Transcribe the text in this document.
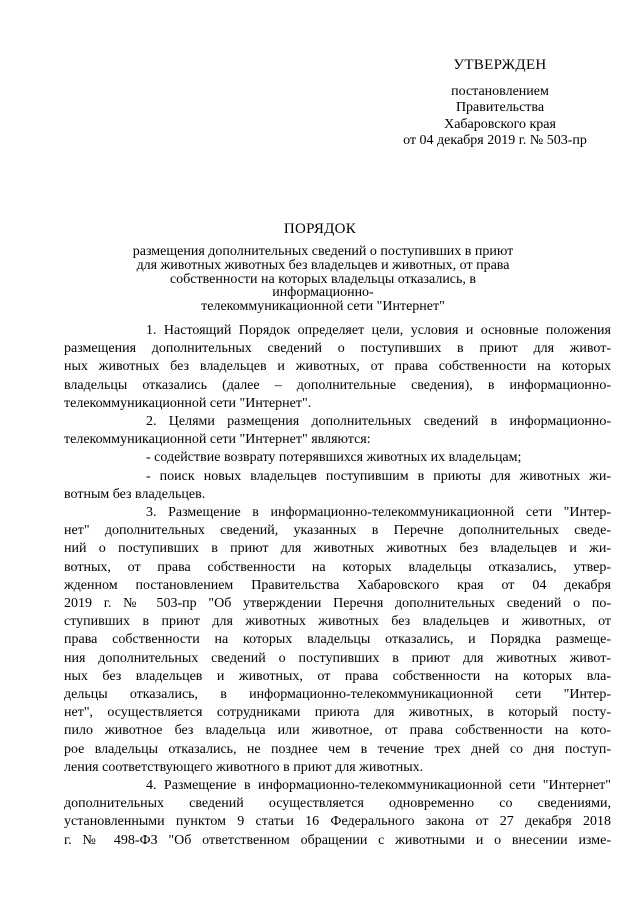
УТВЕРЖДЕН
постановлением
Правительства
Хабаровского края
от 04 декабря 2019 г. № 503-пр
ПОРЯДОК
размещения дополнительных сведений о поступивших в приют
для животных животных без владельцев и животных, от права
собственности на которых владельцы отказались, в информационно-
телекоммуникационной сети "Интернет"
1. Настоящий Порядок определяет цели, условия и основные положения
размещения дополнительных сведений о поступивших в приют для живот-
ных животных без владельцев и животных, от права собственности на которых
владельцы отказались (далее – дополнительные сведения), в информационно-
телекоммуникационной сети "Интернет".
2. Целями размещения дополнительных сведений в информационно-
телекоммуникационной сети "Интернет" являются:
- содействие возврату потерявшихся животных их владельцам;
- поиск новых владельцев поступившим в приюты для животных жи-
вотным без владельцев.
3. Размещение в информационно-телекоммуникационной сети "Интер-
нет" дополнительных сведений, указанных в Перечне дополнительных сведе-
ний о поступивших в приют для животных животных без владельцев и жи-
вотных, от права собственности на которых владельцы отказались, утвер-
жденном постановлением Правительства Хабаровского края от 04 декабря
2019 г. № 503-пр "Об утверждении Перечня дополнительных сведений о по-
ступивших в приют для животных животных без владельцев и животных, от
права собственности на которых владельцы отказались, и Порядка размеще-
ния дополнительных сведений о поступивших в приют для животных живот-
ных без владельцев и животных, от права собственности на которых вла-
дельцы отказались, в информационно-телекоммуникационной сети "Интер-
нет", осуществляется сотрудниками приюта для животных, в который посту-
пило животное без владельца или животное, от права собственности на кото-
рое владельцы отказались, не позднее чем в течение трех дней со дня поступ-
ления соответствующего животного в приют для животных.
4. Размещение в информационно-телекоммуникационной сети "Интернет"
дополнительных сведений осуществляется одновременно со сведениями,
установленными пунктом 9 статьи 16 Федерального закона от 27 декабря 2018
г. № 498-ФЗ "Об ответственном обращении с животными и о внесении изме-
